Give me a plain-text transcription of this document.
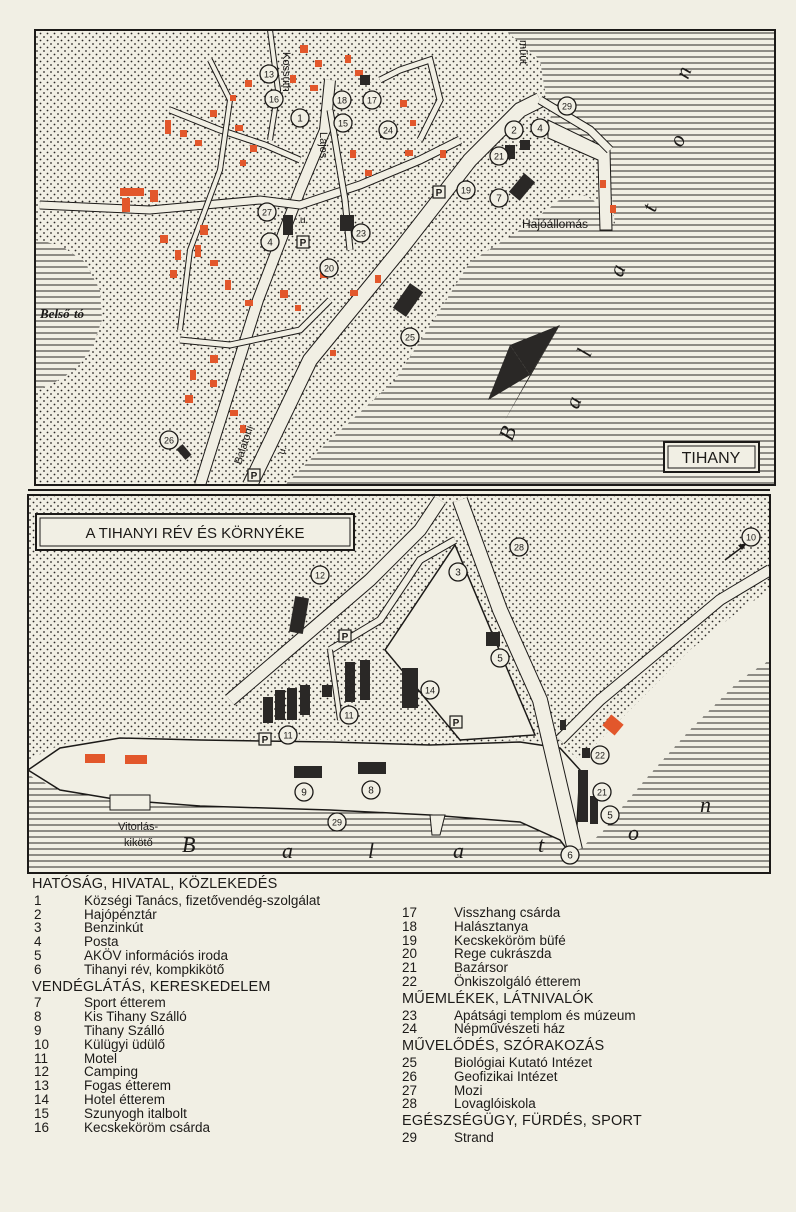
TIHANY
Belső-tó
Hajóállomás
Kossuth
Lajos
u.
műút
Balatoni u.
B
a
l
a
t
o
n
13
16
1
18 17
15
24
29
2 4
21
7
19
27
4
23
20
25
26
P
P
P
A TIHANYI RÉV ÉS KÖRNYÉKE
Vitorlás-
kikötő B	a	l	a	t	o
n
12
28
3
10
5
14
11
11
22
21
5
9	8
29
6
P
P
P
HATÓSÁG, HIVATAL, KÖZLEKEDÉS
1	Községi Tanács, fizetővendég-szolgálat
2	Hajópénztár
3	Benzinkút
4	Posta
5	AKÖV információs iroda
6	Tihanyi rév, kompkikötő
VENDÉGLÁTÁS, KERESKEDELEM
7	Sport étterem
8	Kis Tihany Szálló
9	Tihany Szálló
10	Külügyi üdülő
11	Motel
12	Camping
13	Fogas étterem
14	Hotel étterem
15	Szunyogh italbolt
16	Kecskeköröm csárda
17	Visszhang csárda
18	Halásztanya
19	Kecskeköröm büfé
20	Rege cukrászda
21	Bazársor
22	Önkiszolgáló étterem
MŰEMLÉKEK, LÁTNIVALÓK
23	Apátsági templom és múzeum
24	Népművészeti ház
MŰVELŐDÉS, SZÓRAKOZÁS
25	Biológiai Kutató Intézet
26	Geofizikai Intézet
27	Mozi
28	Lovaglóiskola
EGÉSZSÉGÜGY, FÜRDÉS, SPORT
29	Strand
